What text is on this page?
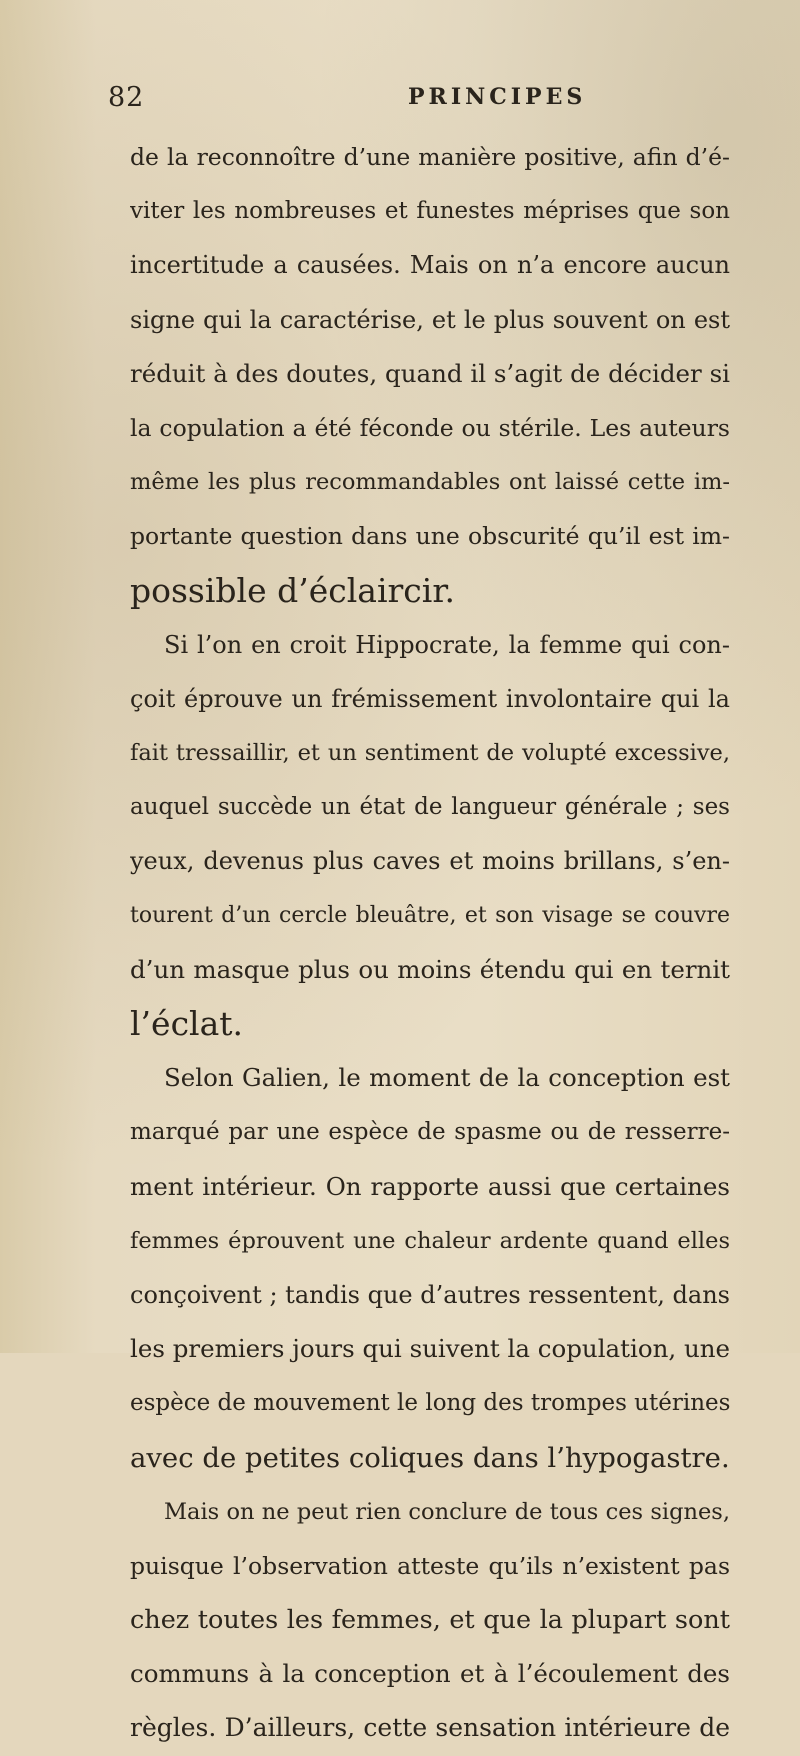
82	PRINCIPES
de la reconnoître d’une manière positive, afin d’é-
viter les nombreuses et funestes méprises que son
incertitude a causées. Mais on n’a encore aucun
signe qui la caractérise, et le plus souvent on est
réduit à des doutes, quand il s’agit de décider si
la copulation a été féconde ou stérile. Les auteurs
même les plus recommandables ont laissé cette im-
portante question dans une obscurité qu’il est im-
possible d’éclaircir.
Si l’on en croit Hippocrate, la femme qui con-
çoit éprouve un frémissement involontaire qui la
fait tressaillir, et un sentiment de volupté excessive,
auquel succède un état de langueur générale ; ses
yeux, devenus plus caves et moins brillans, s’en-
tourent d’un cercle bleuâtre, et son visage se couvre
d’un masque plus ou moins étendu qui en ternit
l’éclat.
Selon Galien, le moment de la conception est
marqué par une espèce de spasme ou de resserre-
ment intérieur. On rapporte aussi que certaines
femmes éprouvent une chaleur ardente quand elles
conçoivent ; tandis que d’autres ressentent, dans
les premiers jours qui suivent la copulation, une
espèce de mouvement le long des trompes utérines
avec de petites coliques dans l’hypogastre.
Mais on ne peut rien conclure de tous ces signes,
puisque l’observation atteste qu’ils n’existent pas
chez toutes les femmes, et que la plupart sont
communs à la conception et à l’écoulement des
règles. D’ailleurs, cette sensation intérieure de
